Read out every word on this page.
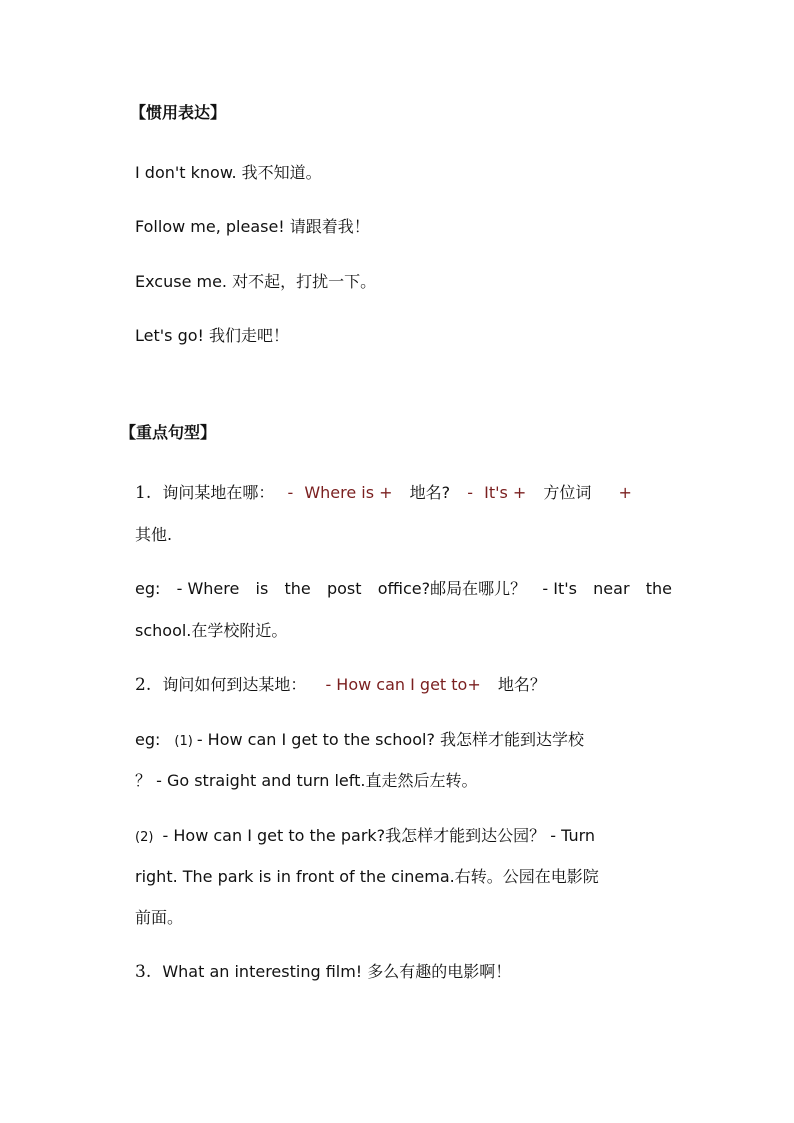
【惯用表达】
I don't know. 我不知道。
Follow me, please! 请跟着我！
Excuse me. 对不起，打扰一下。
Let's go! 我们走吧！
【重点句型】
1. 询问某地在哪： - Where is + 地名? - It's + 方位词 +
其他.
eg: - Where is the post office?邮局在哪儿？ - It's near the
school.在学校附近。
2. 询问如何到达某地： - How can I get to+ 地名？
eg: (1) - How can I get to the school? 我怎样才能到达学校
？ - Go straight and turn left.直走然后左转。
(2) - How can I get to the park?我怎样才能到达公园？ - Turn
right. The park is in front of the cinema.右转。公园在电影院
前面。
3. What an interesting film! 多么有趣的电影啊！
